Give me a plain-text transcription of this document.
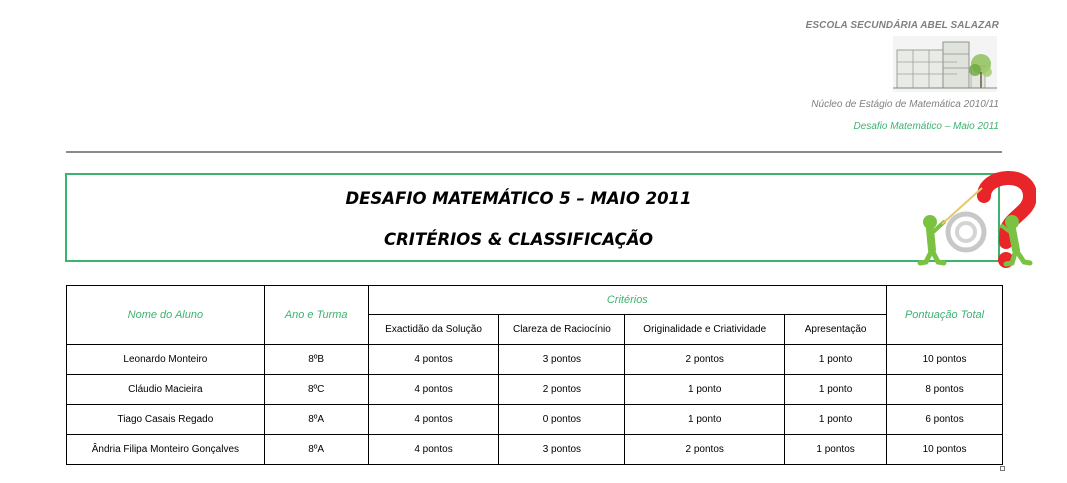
ESCOLA SECUNDÁRIA ABEL SALAZAR
Núcleo de Estágio de Matemática 2010/11
Desafio Matemático – Maio 2011
DESAFIO MATEMÁTICO 5 – MAIO 2011
CRITÉRIOS & CLASSIFICAÇÃO
Nome do Aluno	Ano e Turma	Critérios				Pontuação Total
		Exactidão da Solução	Clareza de Raciocínio	Originalidade e Criatividade	Apresentação	
Leonardo Monteiro	8ºB	4 pontos	3 pontos	2 pontos	1 ponto	10 pontos
Cláudio Macieira	8ºC	4 pontos	2 pontos	1 ponto	1 ponto	8 pontos
Tiago Casais Regado	8ºA	4 pontos	0 pontos	1 ponto	1 ponto	6 pontos
Ândria Filipa Monteiro Gonçalves	8ºA	4 pontos	3 pontos	2 pontos	1 pontos	10 pontos
